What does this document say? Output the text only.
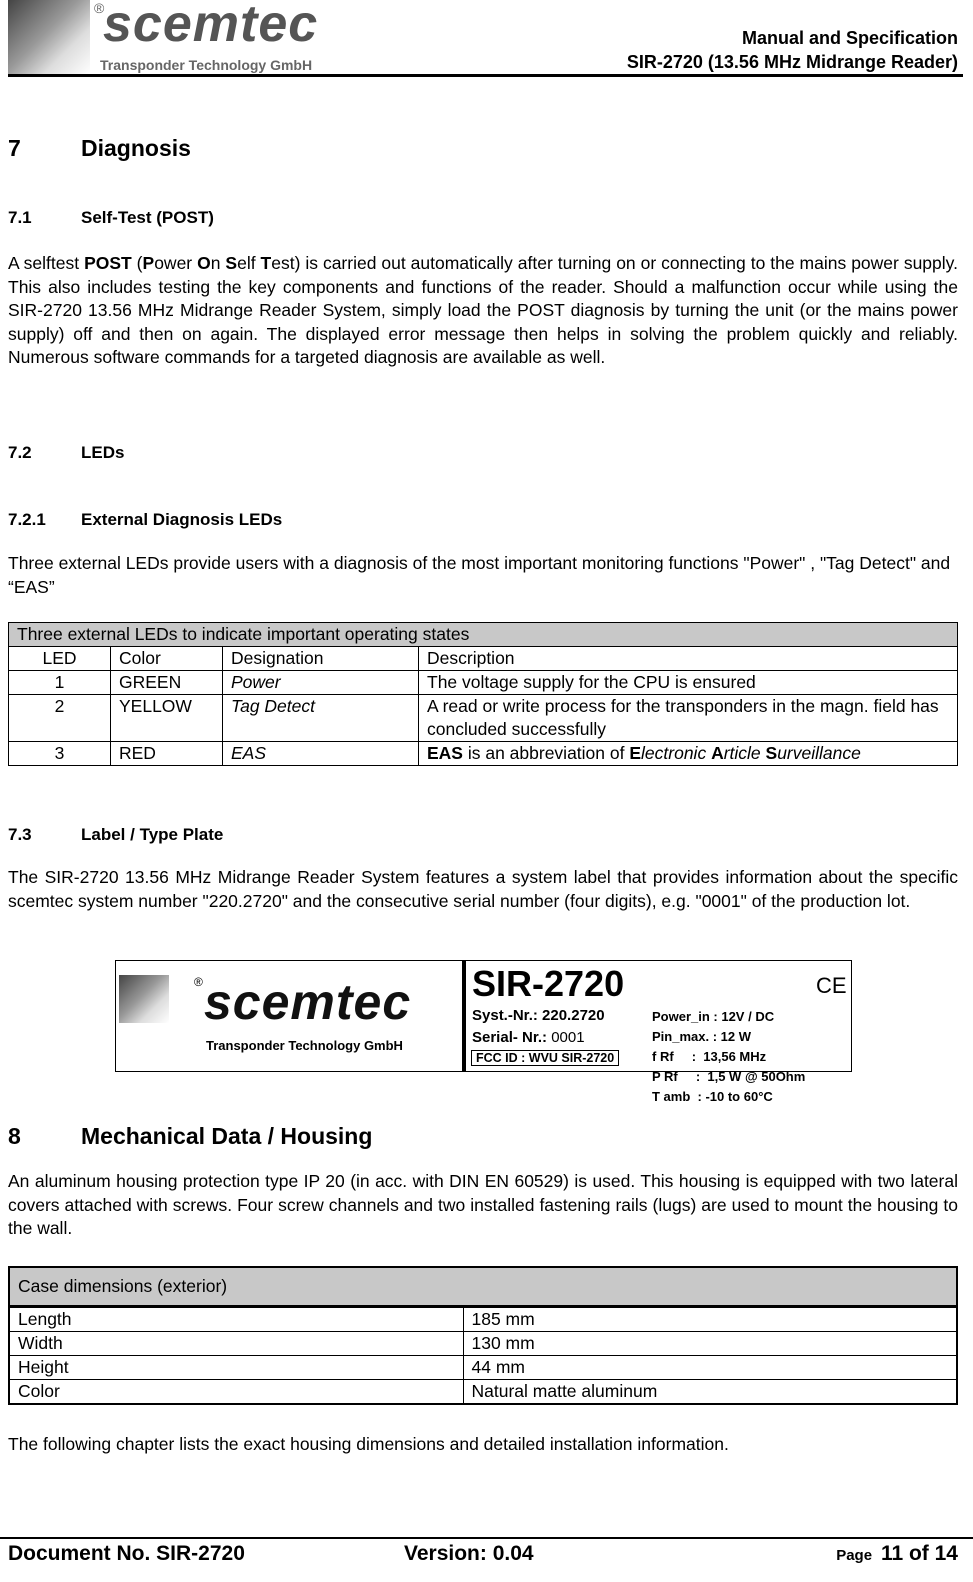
®
scemtec
Transponder Technology GmbH
Manual and Specification
SIR-2720 (13.56 MHz Midrange Reader)
7	Diagnosis
7.1	Self-Test (POST)
A selftest POST (Power On Self Test) is carried out automatically after turning on or connecting to the mains power supply. This also includes testing the key components and functions of the reader. Should a malfunction occur while using the SIR-2720 13.56 MHz Midrange Reader System, simply load the POST diagnosis by turning the unit (or the mains power supply) off and then on again. The displayed error message then helps in solving the problem quickly and reliably. Numerous software commands for a targeted diagnosis are available as well.
7.2	LEDs
7.2.1 External Diagnosis LEDs
Three external LEDs provide users with a diagnosis of the most important monitoring functions "Power" , "Tag Detect" and “EAS”
Three external LEDs to indicate important operating states			
LED	Color	Designation	Description
1	GREEN	Power	The voltage supply for the CPU is ensured
2	YELLOW	Tag Detect	A read or write process for the transponders in the magn. field has concluded successfully
3	RED	EAS	EAS is an abbreviation of Electronic Article Surveillance
7.3	Label / Type Plate
The SIR-2720 13.56 MHz Midrange Reader System features a system label that provides information about the specific scemtec system number "220.2720" and the consecutive serial number (four digits), e.g. "0001" of the production lot.
® scemtec
Transponder Technology GmbH
SIR-2720
Syst.-Nr.: 220.2720
Serial- Nr.: 0001
FCC ID : WVU SIR-2720

Power_in : 12V / DC
Pin_max. : 12 W
f Rf     :  13,56 MHz
P Rf     :  1,5 W @ 50Ohm
T amb  : -10 to 60°C

CE
8	Mechanical Data / Housing
An aluminum housing protection type IP 20 (in acc. with DIN EN 60529) is used. This housing is equipped with two lateral covers attached with screws. Four screw channels and two installed fastening rails (lugs) are used to mount the housing to the wall.
Case dimensions (exterior)	
Length	185 mm
Width	130 mm
Height	44 mm
Color	Natural matte aluminum
The following chapter lists the exact housing dimensions and detailed installation information.
Document No. SIR-2720	Version: 0.04	Page 11 of 14
